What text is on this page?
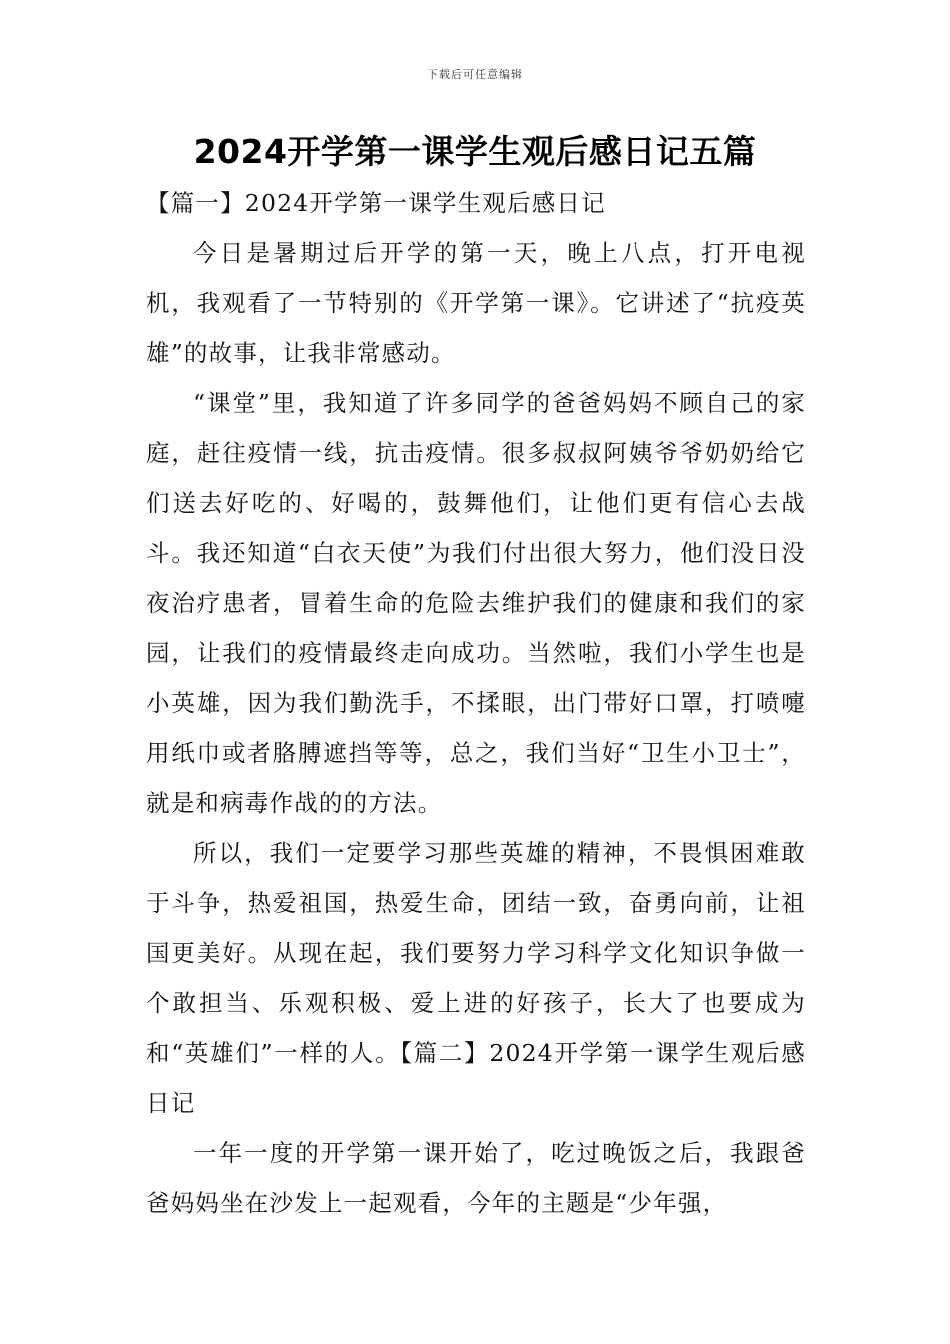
下载后可任意编辑
2024开学第一课学生观后感日记五篇

【篇一】2024开学第一课学生观后感日记

今日是暑期过后开学的第一天，晚上八点，打开电视机，我观看了一节特别的《开学第一课》。它讲述了“抗疫英雄”的故事，让我非常感动。

“课堂”里，我知道了许多同学的爸爸妈妈不顾自己的家庭，赶往疫情一线，抗击疫情。很多叔叔阿姨爷爷奶奶给它们送去好吃的、好喝的，鼓舞他们，让他们更有信心去战斗。我还知道“白衣天使”为我们付出很大努力，他们没日没夜治疗患者，冒着生命的危险去维护我们的健康和我们的家园，让我们的疫情最终走向成功。当然啦，我们小学生也是小英雄，因为我们勤洗手，不揉眼，出门带好口罩，打喷嚏用纸巾或者胳膊遮挡等等，总之，我们当好“卫生小卫士”，就是和病毒作战的的方法。

所以，我们一定要学习那些英雄的精神，不畏惧困难敢于斗争，热爱祖国，热爱生命，团结一致，奋勇向前，让祖国更美好。从现在起，我们要努力学习科学文化知识争做一个敢担当、乐观积极、爱上进的好孩子，长大了也要成为和“英雄们”一样的人。【篇二】2024开学第一课学生观后感日记

一年一度的开学第一课开始了，吃过晚饭之后，我跟爸爸妈妈坐在沙发上一起观看，今年的主题是“少年强，
